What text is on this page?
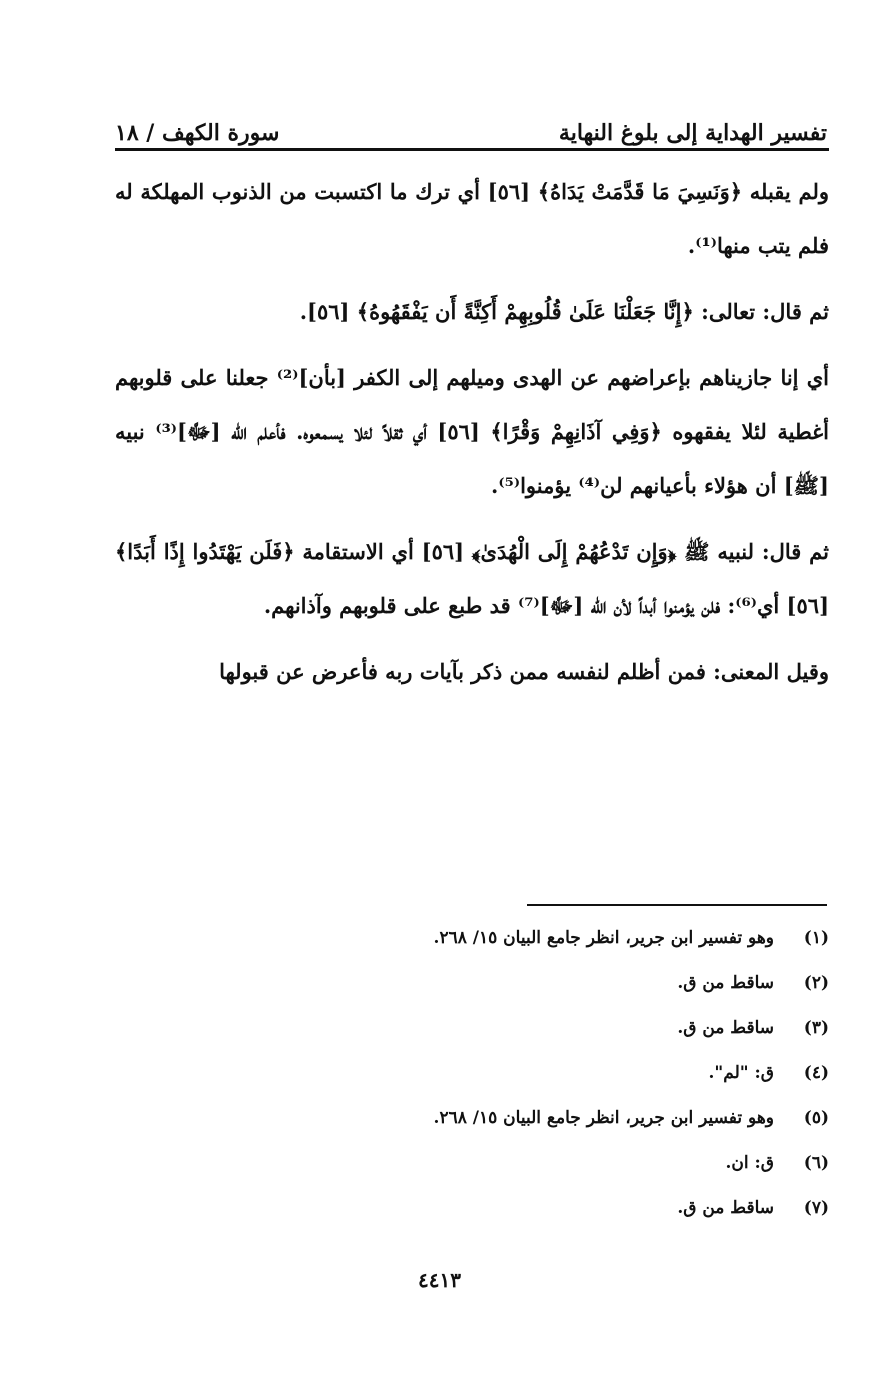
تفسير الهداية إلى بلوغ النهاية
سورة الكهف / ١٨

ولم يقبله ﴿وَنَسِيَ مَا قَدَّمَتْ يَدَاهُ﴾ [٥٦] أي ترك ما اكتسبت من الذنوب المهلكة له فلم يتب منها⁽¹⁾.

ثم قال: تعالى: ﴿إِنَّا جَعَلْنَا عَلَىٰ قُلُوبِهِمْ أَكِنَّةً أَن يَفْقَهُوهُ﴾ [٥٦].

أي إنا جازيناهم بإعراضهم عن الهدى وميلهم إلى الكفر [بأن]⁽²⁾ جعلنا على قلوبهم أغطية لئلا يفقهوه ﴿وَفِي آذَانِهِمْ وَقْرًا﴾ [٥٦] أي ثقلاً لئلا يسمعوه. فأعلم الله [ﷻ]⁽³⁾ نبيه [ﷺ] أن هؤلاء بأعيانهم لن⁽⁴⁾ يؤمنوا⁽⁵⁾.

ثم قال: لنبيه ﷺ ﴿وَإِن تَدْعُهُمْ إِلَى الْهُدَىٰ﴾ [٥٦] أي الاستقامة ﴿فَلَن يَهْتَدُوا إِذًا أَبَدًا﴾ [٥٦] أي⁽⁶⁾: فلن يؤمنوا أبداً لأن الله [ﷻ]⁽⁷⁾ قد طبع على قلوبهم وآذانهم.

وقيل المعنى: فمن أظلم لنفسه ممن ذكر بآيات ربه فأعرض عن قبولها

(١)
وهو تفسير ابن جرير، انظر جامع البيان ١٥/ ٢٦٨.
(٢)
ساقط من ق.
(٣)
ساقط من ق.
(٤)
ق: "لم".
(٥)
وهو تفسير ابن جرير، انظر جامع البيان ١٥/ ٢٦٨.
(٦)
ق: ان.
(٧)
ساقط من ق.
٤٤١٣
